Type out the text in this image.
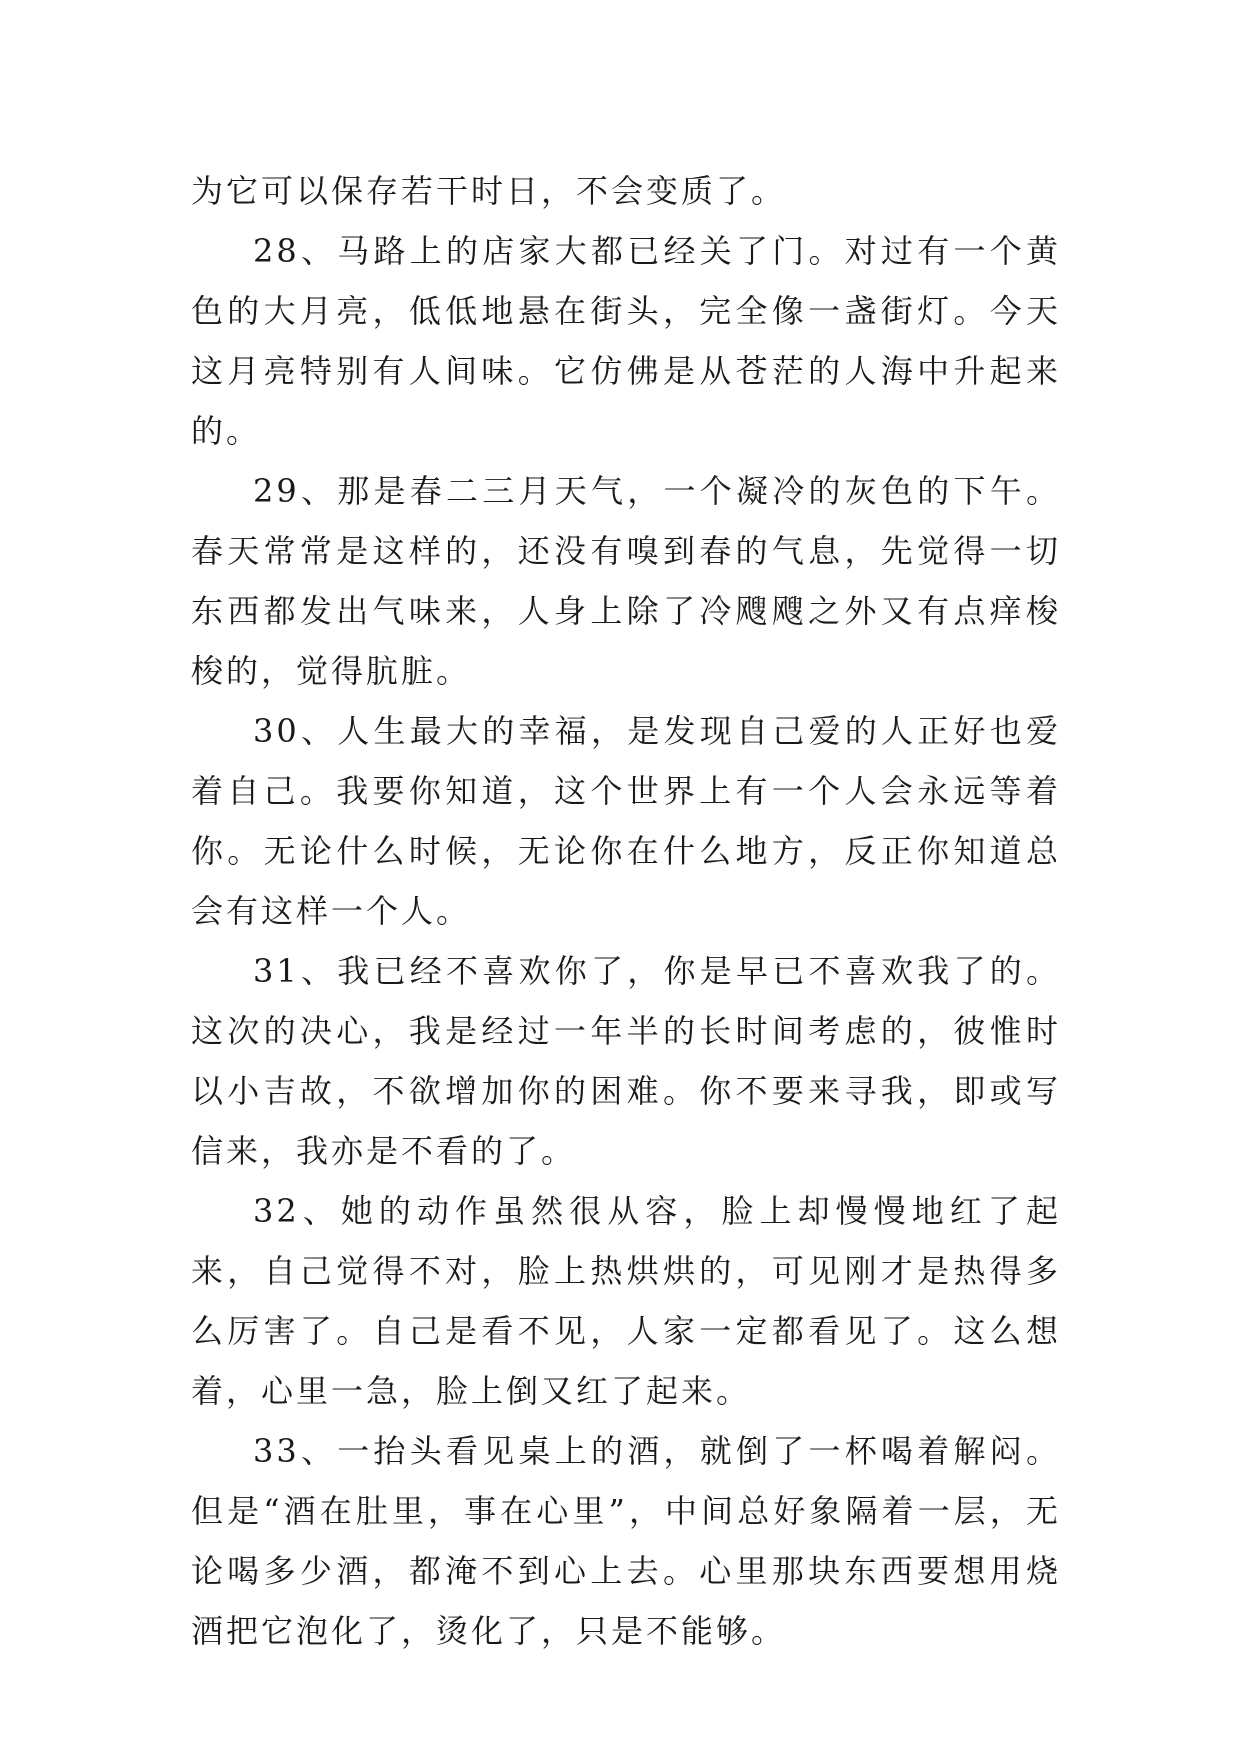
为它可以保存若干时日，不会变质了。

28、马路上的店家大都已经关了门。对过有一个黄色的大月亮，低低地悬在街头，完全像一盏街灯。今天这月亮特别有人间味。它仿佛是从苍茫的人海中升起来的。

29、那是春二三月天气，一个凝冷的灰色的下午。春天常常是这样的，还没有嗅到春的气息，先觉得一切东西都发出气味来，人身上除了冷飕飕之外又有点痒梭梭的，觉得肮脏。

30、人生最大的幸福，是发现自己爱的人正好也爱着自己。我要你知道，这个世界上有一个人会永远等着你。无论什么时候，无论你在什么地方，反正你知道总会有这样一个人。

31、我已经不喜欢你了，你是早已不喜欢我了的。这次的决心，我是经过一年半的长时间考虑的，彼惟时以小吉故，不欲增加你的困难。你不要来寻我，即或写信来，我亦是不看的了。

32、她的动作虽然很从容，脸上却慢慢地红了起来，自己觉得不对，脸上热烘烘的，可见刚才是热得多么厉害了。自己是看不见，人家一定都看见了。这么想着，心里一急，脸上倒又红了起来。

33、一抬头看见桌上的酒，就倒了一杯喝着解闷。但是“酒在肚里，事在心里”，中间总好象隔着一层，无论喝多少酒，都淹不到心上去。心里那块东西要想用烧酒把它泡化了，烫化了，只是不能够。
